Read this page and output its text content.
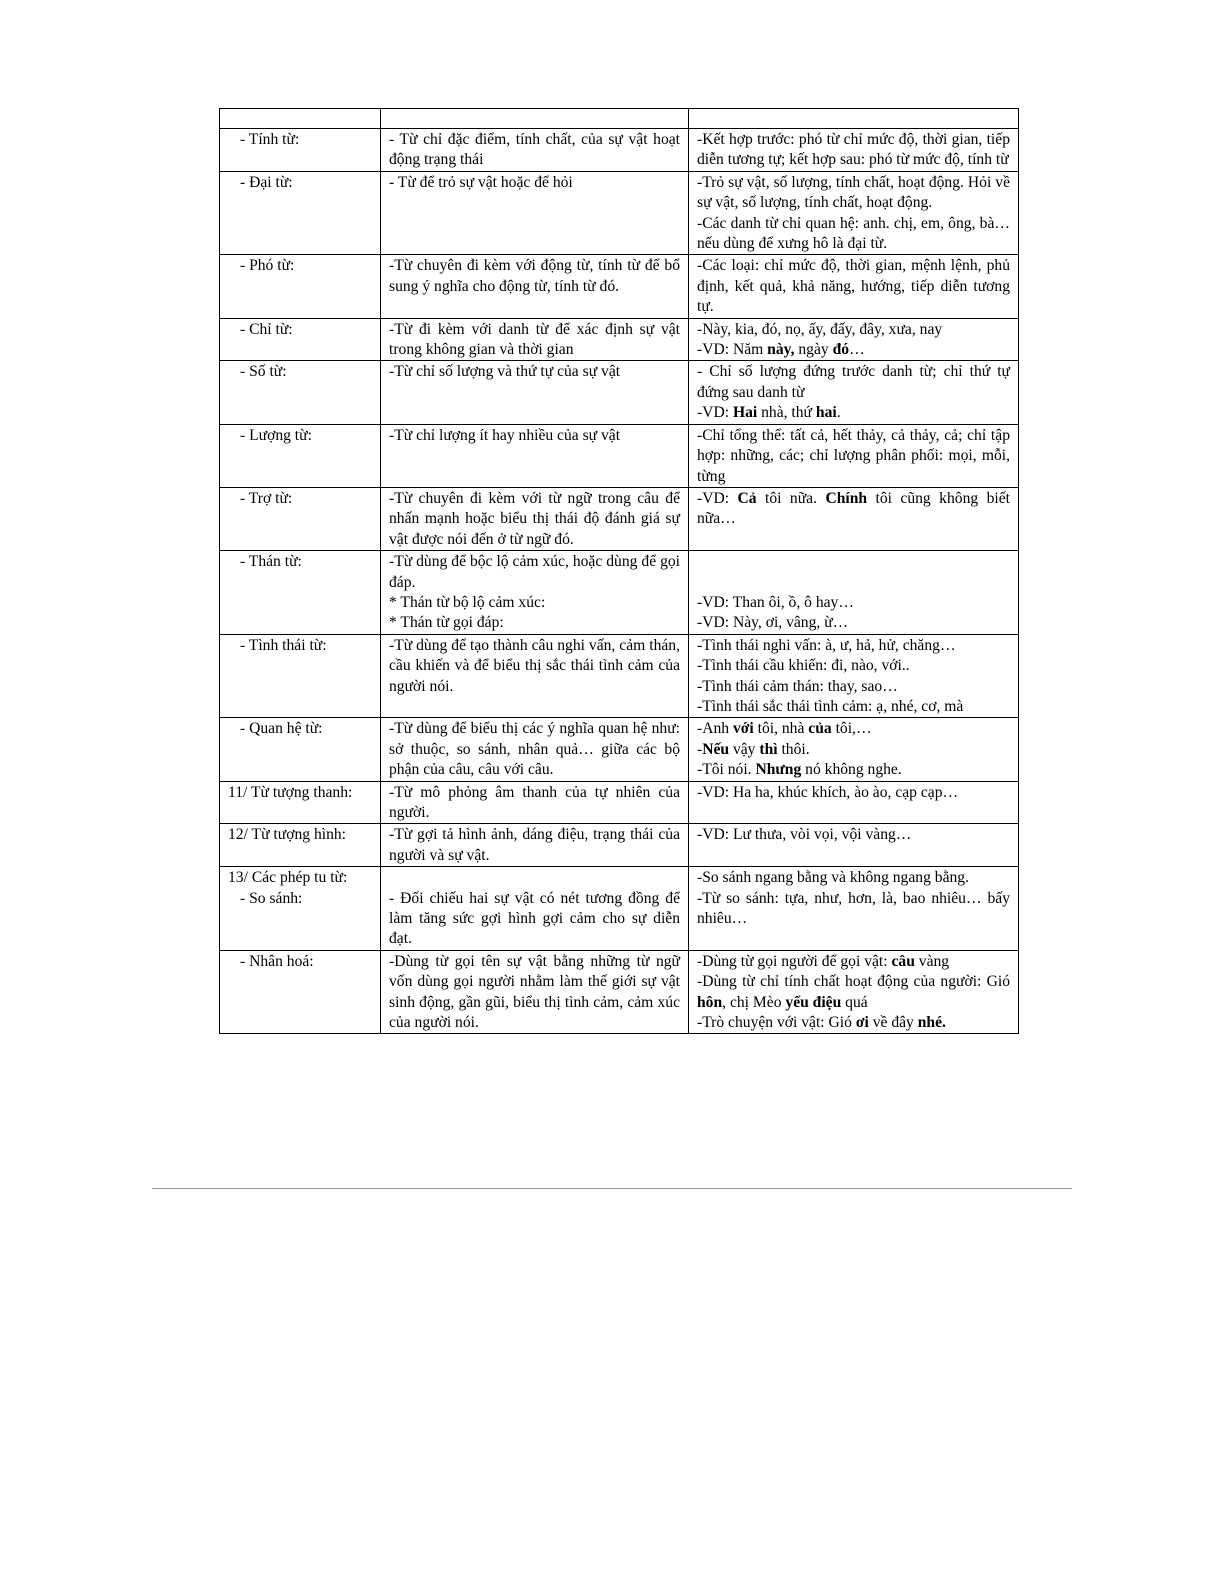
- Tính từ:	- Từ chỉ đặc điểm, tính chất, của sự vật hoạt động trạng thái	-Kết hợp trước: phó từ chỉ mức độ, thời gian, tiếp diễn tương tự; kết hợp sau: phó từ mức độ, tính từ

- Đại từ:	- Từ để trỏ sự vật hoặc để hỏi	-Trỏ sự vật, số lượng, tính chất, hoạt động. Hỏi về sự vật, số lượng, tính chất, hoạt động.
-Các danh từ chỉ quan hệ: anh. chị, em, ông, bà… nếu dùng để xưng hô là đại từ.

- Phó từ:	-Từ chuyên đi kèm với động từ, tính từ để bổ sung ý nghĩa cho động từ, tính từ đó.	-Các loại: chỉ mức độ, thời gian, mệnh lệnh, phủ định, kết quả, khả năng, hướng, tiếp diễn tương tự.

- Chỉ từ:	-Từ đi kèm với danh từ để xác định sự vật trong không gian và thời gian	-Này, kia, đó, nọ, ấy, đấy, đây, xưa, nay
-VD: Năm này, ngày đó…

- Số từ:	-Từ chỉ số lượng và thứ tự của sự vật	- Chỉ số lượng đứng trước danh từ; chỉ thứ tự đứng sau danh từ
-VD: Hai nhà, thứ hai.

- Lượng từ:	-Từ chỉ lượng ít hay nhiều của sự vật	-Chỉ tổng thể: tất cả, hết thảy, cả thảy, cả; chỉ tập hợp: những, các; chỉ lượng phân phối: mọi, mỗi, từng

- Trợ từ:	-Từ chuyên đi kèm với từ ngữ trong câu để nhấn mạnh hoặc biểu thị thái độ đánh giá sự vật được nói đến ở từ ngữ đó.	-VD: Cả tôi nữa. Chính tôi cũng không biết nữa…

- Thán từ:	-Từ dùng để bộc lộ cảm xúc, hoặc dùng để gọi đáp.
* Thán từ bộ lộ cảm xúc:
* Thán từ gọi đáp:	-VD: Than ôi, ồ, ô hay…
-VD: Này, ơi, vâng, ừ…

- Tình thái từ:	-Từ dùng để tạo thành câu nghi vấn, cảm thán, cầu khiến và để biểu thị sắc thái tình cảm của người nói.	-Tình thái nghi vấn: à, ư, hả, hử, chăng…
-Tình thái cầu khiến: đi, nào, với..
-Tình thái cảm thán: thay, sao…
-Tình thái sắc thái tình cảm: ạ, nhé, cơ, mà

- Quan hệ từ:	-Từ dùng để biểu thị các ý nghĩa quan hệ như: sở thuộc, so sánh, nhân quả… giữa các bộ phận của câu, câu với câu.	-Anh với tôi, nhà của tôi,…
-Nếu vậy thì thôi.
-Tôi nói. Nhưng nó không nghe.

11/ Từ tượng thanh:	-Từ mô phỏng âm thanh của tự nhiên của người.	-VD: Ha ha, khúc khích, ào ào, cạp cạp…

12/ Từ tượng hình:	-Từ gợi tả hình ảnh, dáng điệu, trạng thái của người và sự vật.	-VD: Lư thưa, vòi vọi, vội vàng…

13/ Các phép tu từ:
- So sánh:	- Đối chiếu hai sự vật có nét tương đồng để làm tăng sức gợi hình gợi cảm cho sự diễn đạt.	-So sánh ngang bằng và không ngang bằng.
-Từ so sánh: tựa, như, hơn, là, bao nhiêu… bấy nhiêu…

- Nhân hoá:	-Dùng từ gọi tên sự vật bằng những từ ngữ vốn dùng gọi người nhằm làm thế giới sự vật sinh động, gần gũi, biểu thị tình cảm, cảm xúc của người nói.	-Dùng từ gọi người để gọi vật: câu vàng
-Dùng từ chỉ tính chất hoạt động của người: Gió hôn, chị Mèo yểu điệu quá
-Trò chuyện với vật: Gió ơi về đây nhé.
